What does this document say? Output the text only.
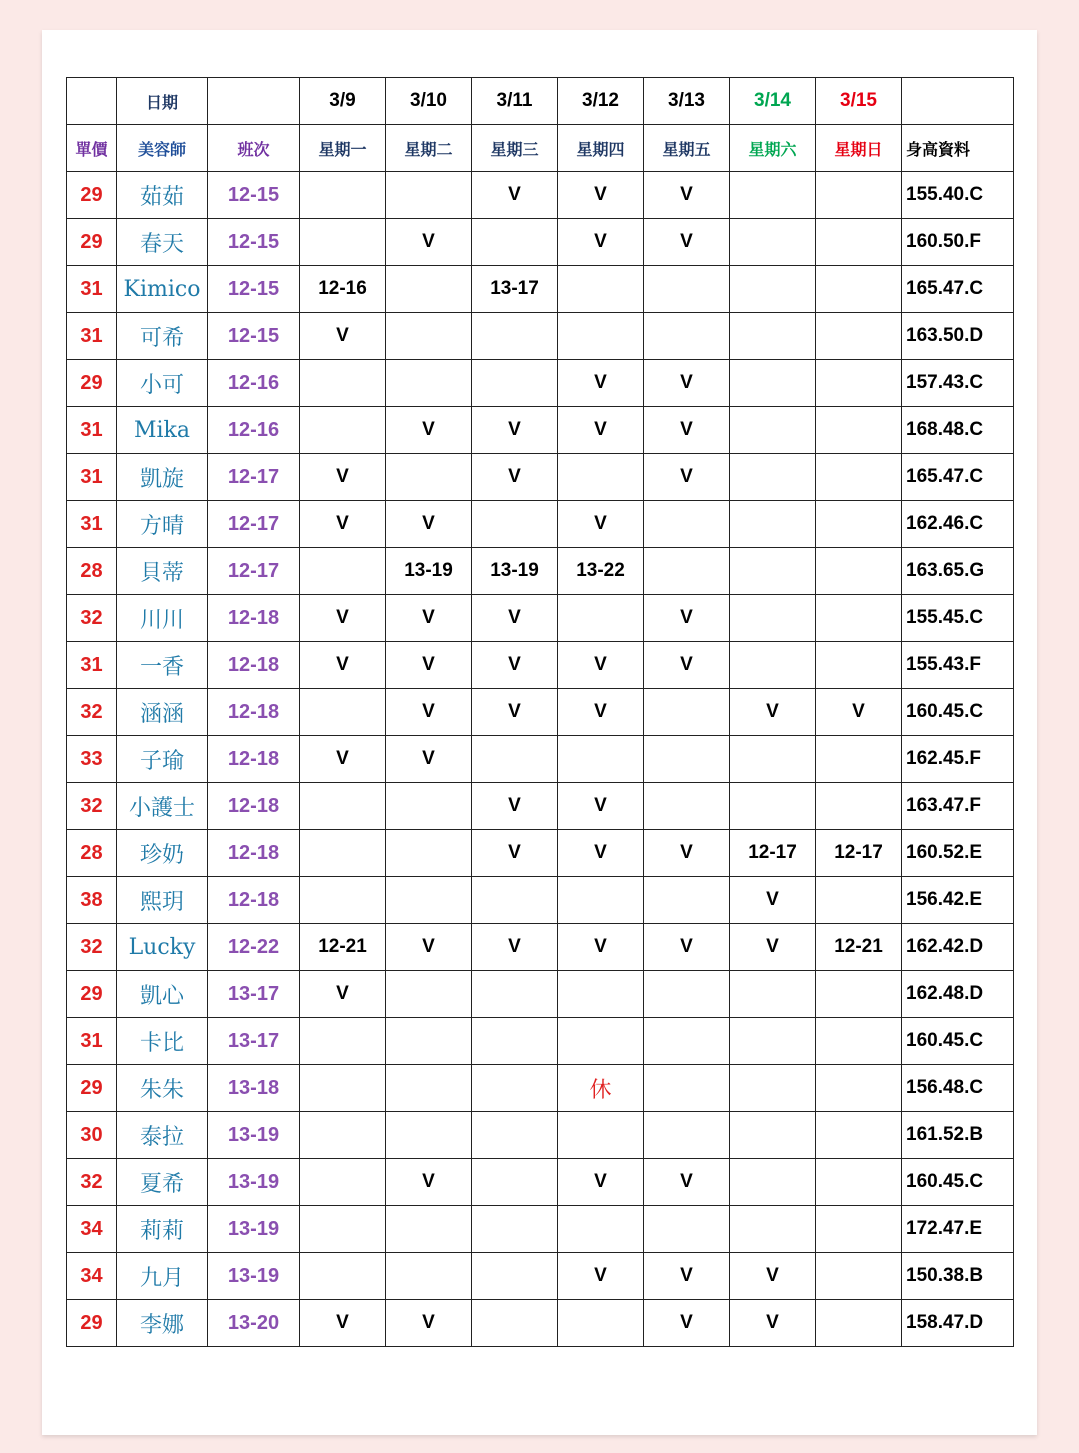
	日期		3/9	3/10	3/11	3/12	3/13	3/14	3/15	
單價	美容師	班次	星期一	星期二	星期三	星期四	星期五	星期六	星期日	身高資料
29	茹茹	12-15			V	V	V			155.40.C
29	春天	12-15		V		V	V			160.50.F
31	Kimico	12-15	12-16		13-17					165.47.C
31	可希	12-15	V							163.50.D
29	小可	12-16				V	V			157.43.C
31	Mika	12-16		V	V	V	V			168.48.C
31	凱旋	12-17	V		V		V			165.47.C
31	方晴	12-17	V	V		V				162.46.C
28	貝蒂	12-17		13-19	13-19	13-22				163.65.G
32	川川	12-18	V	V	V		V			155.45.C
31	一香	12-18	V	V	V	V	V			155.43.F
32	涵涵	12-18		V	V	V		V	V	160.45.C
33	子瑜	12-18	V	V						162.45.F
32	小護士	12-18			V	V				163.47.F
28	珍奶	12-18			V	V	V	12-17	12-17	160.52.E
38	熙玥	12-18						V		156.42.E
32	Lucky	12-22	12-21	V	V	V	V	V	12-21	162.42.D
29	凱心	13-17	V							162.48.D
31	卡比	13-17								160.45.C
29	朱朱	13-18				休				156.48.C
30	泰拉	13-19								161.52.B
32	夏希	13-19		V		V	V			160.45.C
34	莉莉	13-19								172.47.E
34	九月	13-19				V	V	V		150.38.B
29	李娜	13-20	V	V			V	V		158.47.D
